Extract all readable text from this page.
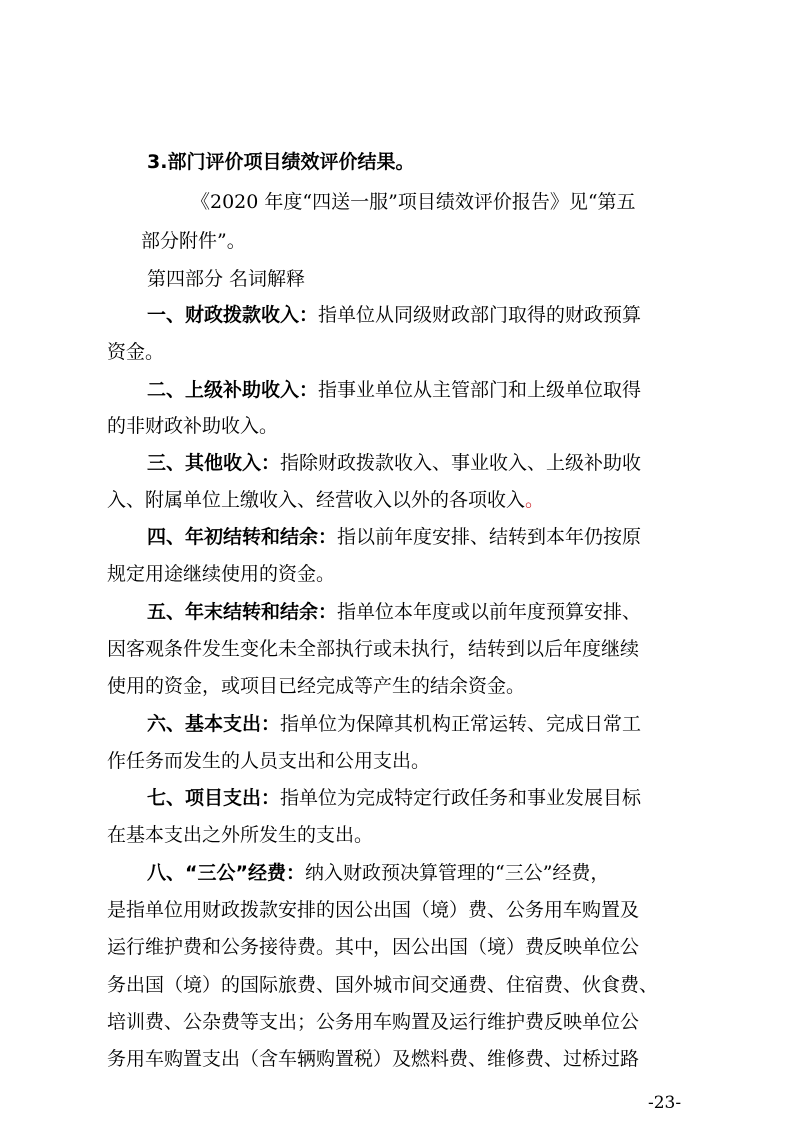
3.部门评价项目绩效评价结果。
《2020 年度“四送一服”项目绩效评价报告》见“第五
部分附件”。
第四部分 名词解释
一、财政拨款收入：指单位从同级财政部门取得的财政预算
资金。
二、上级补助收入：指事业单位从主管部门和上级单位取得
的非财政补助收入。
三、其他收入：指除财政拨款收入、事业收入、上级补助收
入、附属单位上缴收入、经营收入以外的各项收入。
四、年初结转和结余：指以前年度安排、结转到本年仍按原
规定用途继续使用的资金。
五、年末结转和结余：指单位本年度或以前年度预算安排、
因客观条件发生变化未全部执行或未执行，结转到以后年度继续
使用的资金，或项目已经完成等产生的结余资金。
六、基本支出：指单位为保障其机构正常运转、完成日常工
作任务而发生的人员支出和公用支出。
七、项目支出：指单位为完成特定行政任务和事业发展目标
在基本支出之外所发生的支出。
八、“三公”经费：纳入财政预决算管理的“三公”经费，
是指单位用财政拨款安排的因公出国（境）费、公务用车购置及
运行维护费和公务接待费。其中，因公出国（境）费反映单位公
务出国（境）的国际旅费、国外城市间交通费、住宿费、伙食费、
培训费、公杂费等支出；公务用车购置及运行维护费反映单位公
务用车购置支出（含车辆购置税）及燃料费、维修费、过桥过路
-23-
